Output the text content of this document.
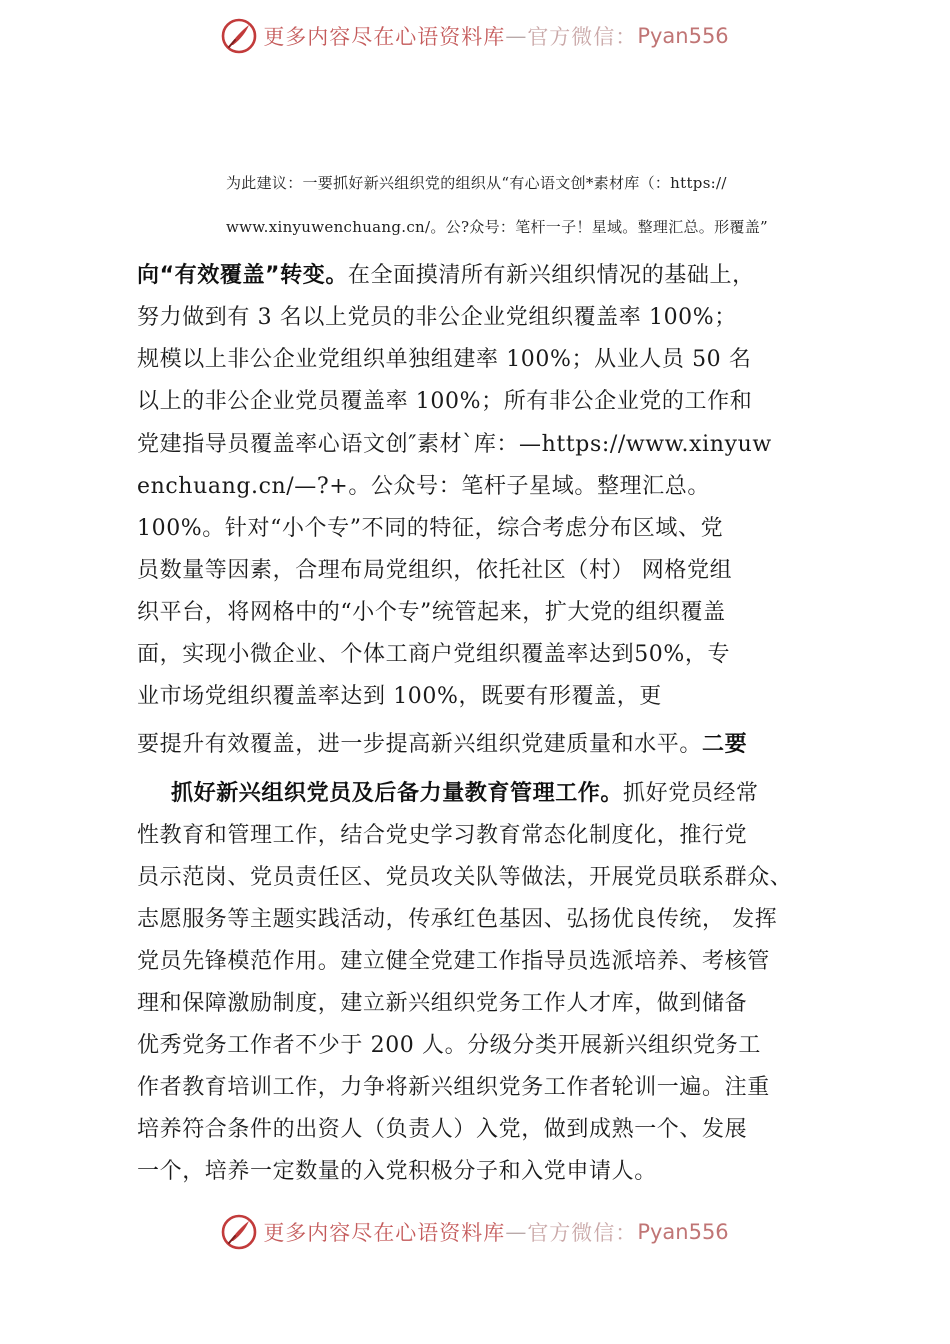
更多内容尽在心语资料库 — 官方微信： Pyan556
为此建议：一要抓好新兴组织党的组织从“有心语文创*素材库（：https://
www.xinyuwenchuang.cn/。公?众号：笔杆一子！星域。整理汇总。形覆盖”
向“有效覆盖”转变。在全面摸清所有新兴组织情况的基础上，
努力做到有 3 名以上党员的非公企业党组织覆盖率 100%；
规模以上非公企业党组织单独组建率 100%；从业人员 50 名
以上的非公企业党员覆盖率 100%；所有非公企业党的工作和
党建指导员覆盖率心语文创″素材`库：—https://www.xinyuw
enchuang.cn/—?+。公众号：笔杆子星域。整理汇总。
100%。针对“小个专”不同的特征，综合考虑分布区域、党
员数量等因素，合理布局党组织，依托社区（村） 网格党组
织平台，将网格中的“小个专”统管起来，扩大党的组织覆盖
面，实现小微企业、个体工商户党组织覆盖率达到50%，专
业市场党组织覆盖率达到 100%，既要有形覆盖，更
要提升有效覆盖，进一步提高新兴组织党建质量和水平。二要
抓好新兴组织党员及后备力量教育管理工作。抓好党员经常
性教育和管理工作，结合党史学习教育常态化制度化，推行党
员示范岗、党员责任区、党员攻关队等做法，开展党员联系群众、
志愿服务等主题实践活动，传承红色基因、弘扬优良传统， 发挥
党员先锋模范作用。建立健全党建工作指导员选派培养、考核管
理和保障激励制度，建立新兴组织党务工作人才库，做到储备
优秀党务工作者不少于 200 人。分级分类开展新兴组织党务工
作者教育培训工作，力争将新兴组织党务工作者轮训一遍。注重
培养符合条件的出资人（负责人）入党，做到成熟一个、发展
一个，培养一定数量的入党积极分子和入党申请人。
更多内容尽在心语资料库 — 官方微信： Pyan556
